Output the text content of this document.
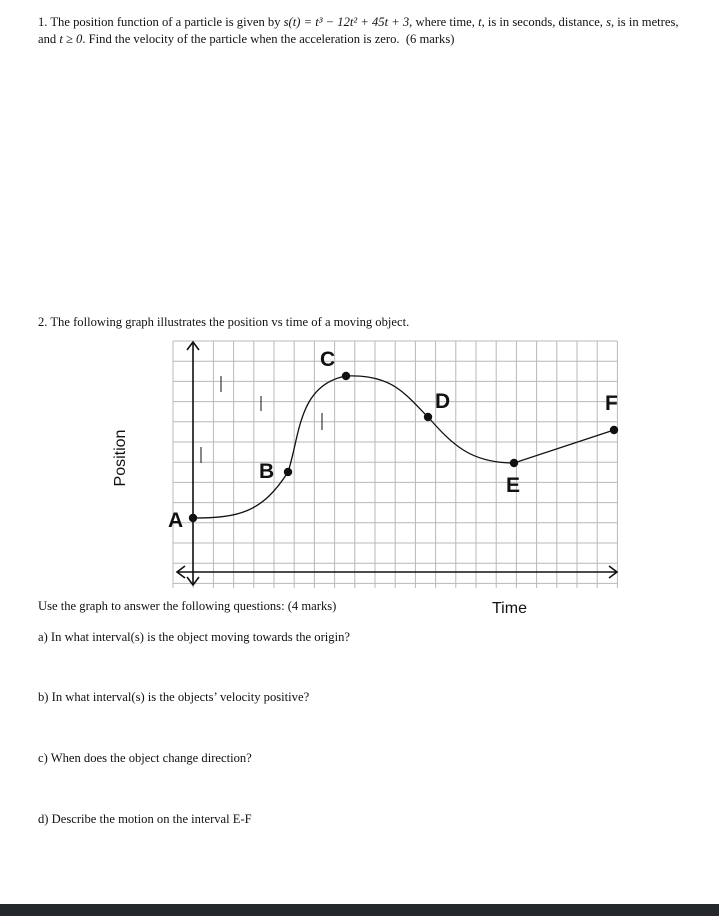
1. The position function of a particle is given by s(t) = t³ − 12t² + 45t + 3, where time, t, is in seconds, distance, s, is in metres, and t ≥ 0. Find the velocity of the particle when the acceleration is zero. (6 marks)
2. The following graph illustrates the position vs time of a moving object.
A
B
C
D
E
F
Position
Time
Use the graph to answer the following questions: (4 marks)
a) In what interval(s) is the object moving towards the origin?
b) In what interval(s) is the objects’ velocity positive?
c) When does the object change direction?
d) Describe the motion on the interval E-F
